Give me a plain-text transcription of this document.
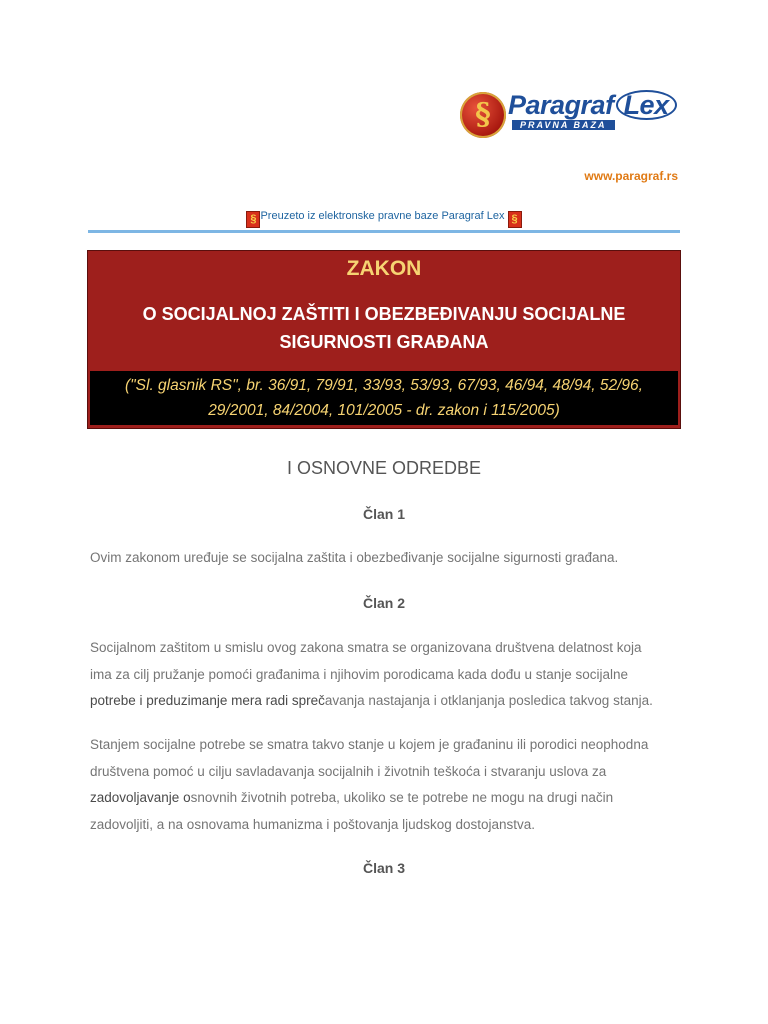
§ Paragraf Lex
PRAVNA BAZA
www.paragraf.rs
§ Preuzeto iz elektronske pravne baze Paragraf Lex §
ZAKON
O SOCIJALNOJ ZAŠTITI I OBEZBEĐIVANJU SOCIJALNE
SIGURNOSTI GRAĐANA
("Sl. glasnik RS", br. 36/91, 79/91, 33/93, 53/93, 67/93, 46/94, 48/94, 52/96,
29/2001, 84/2004, 101/2005 - dr. zakon i 115/2005)
I OSNOVNE ODREDBE
Član 1
Ovim zakonom uređuje se socijalna zaštita i obezbeđivanje socijalne sigurnosti građana.
Član 2
Socijalnom zaštitom u smislu ovog zakona smatra se organizovana društvena delatnost koja
ima za cilj pružanje pomoći građanima i njihovim porodicama kada dođu u stanje socijalne
potrebe i preduzimanje mera radi sprečavanja nastajanja i otklanjanja posledica takvog stanja.
Stanjem socijalne potrebe se smatra takvo stanje u kojem je građaninu ili porodici neophodna
društvena pomoć u cilju savladavanja socijalnih i životnih teškoća i stvaranju uslova za
zadovoljavanje osnovnih životnih potreba, ukoliko se te potrebe ne mogu na drugi način
zadovoljiti, a na osnovama humanizma i poštovanja ljudskog dostojanstva.
Član 3
